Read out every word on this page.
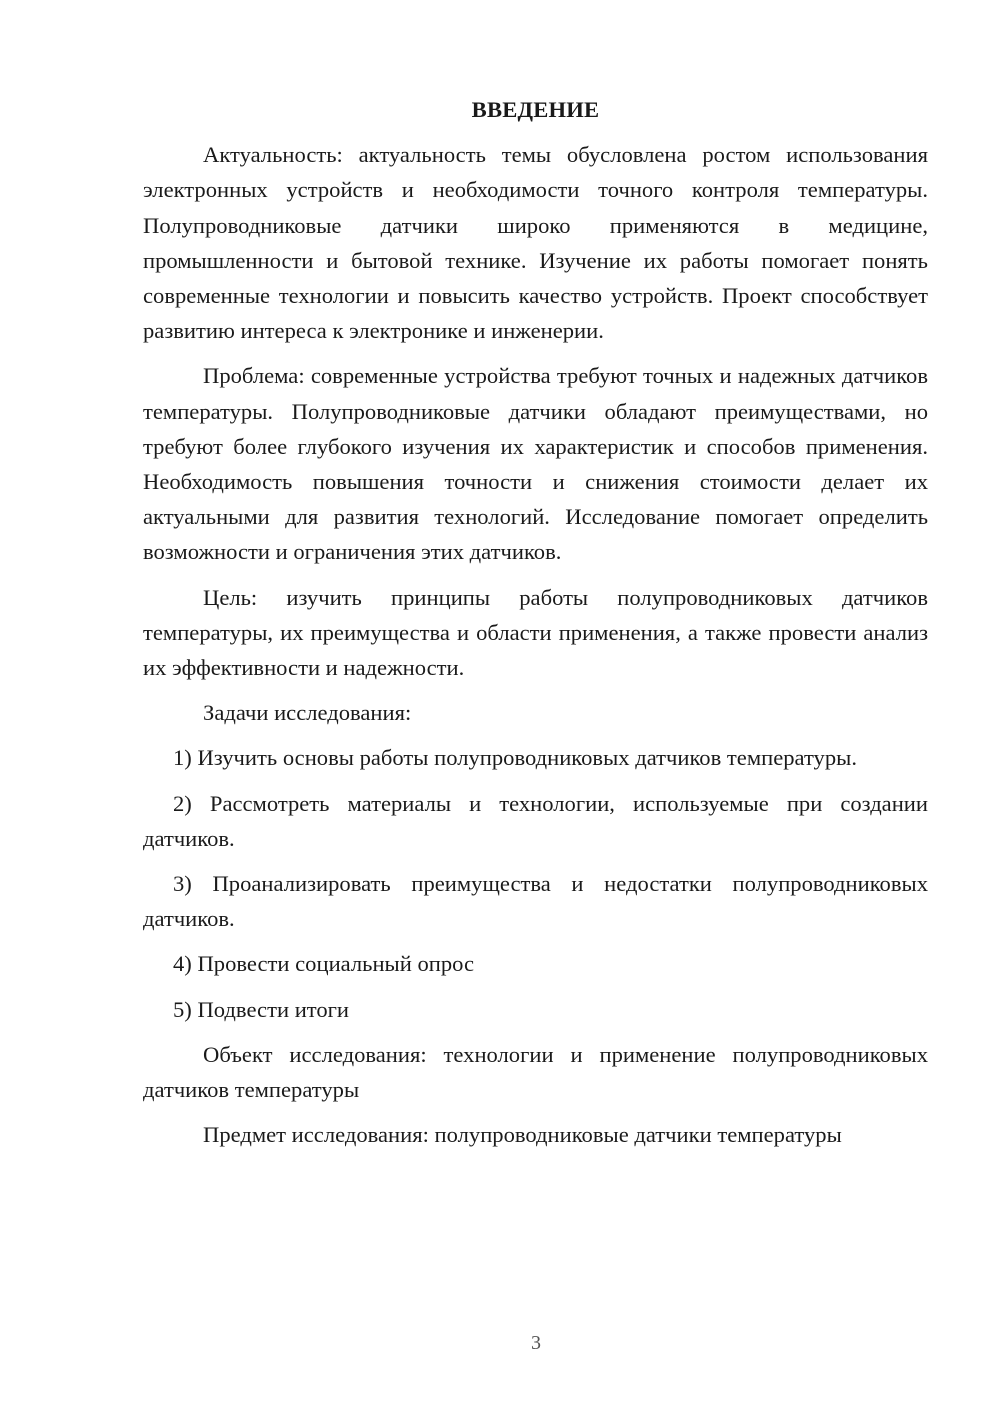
ВВЕДЕНИЕ

Актуальность: актуальность темы обусловлена ростом использования электронных устройств и необходимости точного контроля температуры. Полупроводниковые датчики широко применяются в медицине, промышленности и бытовой технике. Изучение их работы помогает понять современные технологии и повысить качество устройств. Проект способствует развитию интереса к электронике и инженерии.

Проблема: современные устройства требуют точных и надежных датчиков температуры. Полупроводниковые датчики обладают преимуществами, но требуют более глубокого изучения их характеристик и способов применения. Необходимость повышения точности и снижения стоимости делает их актуальными для развития технологий. Исследование помогает определить возможности и ограничения этих датчиков.

Цель: изучить принципы работы полупроводниковых датчиков температуры, их преимущества и области применения, а также провести анализ их эффективности и надежности.

Задачи исследования:

1) Изучить основы работы полупроводниковых датчиков температуры.

2) Рассмотреть материалы и технологии, используемые при создании датчиков.

3) Проанализировать преимущества и недостатки полупроводниковых датчиков.

4) Провести социальный опрос

5) Подвести итоги

Объект исследования: технологии и применение полупроводниковых датчиков температуры

Предмет исследования: полупроводниковые датчики температуры

3
